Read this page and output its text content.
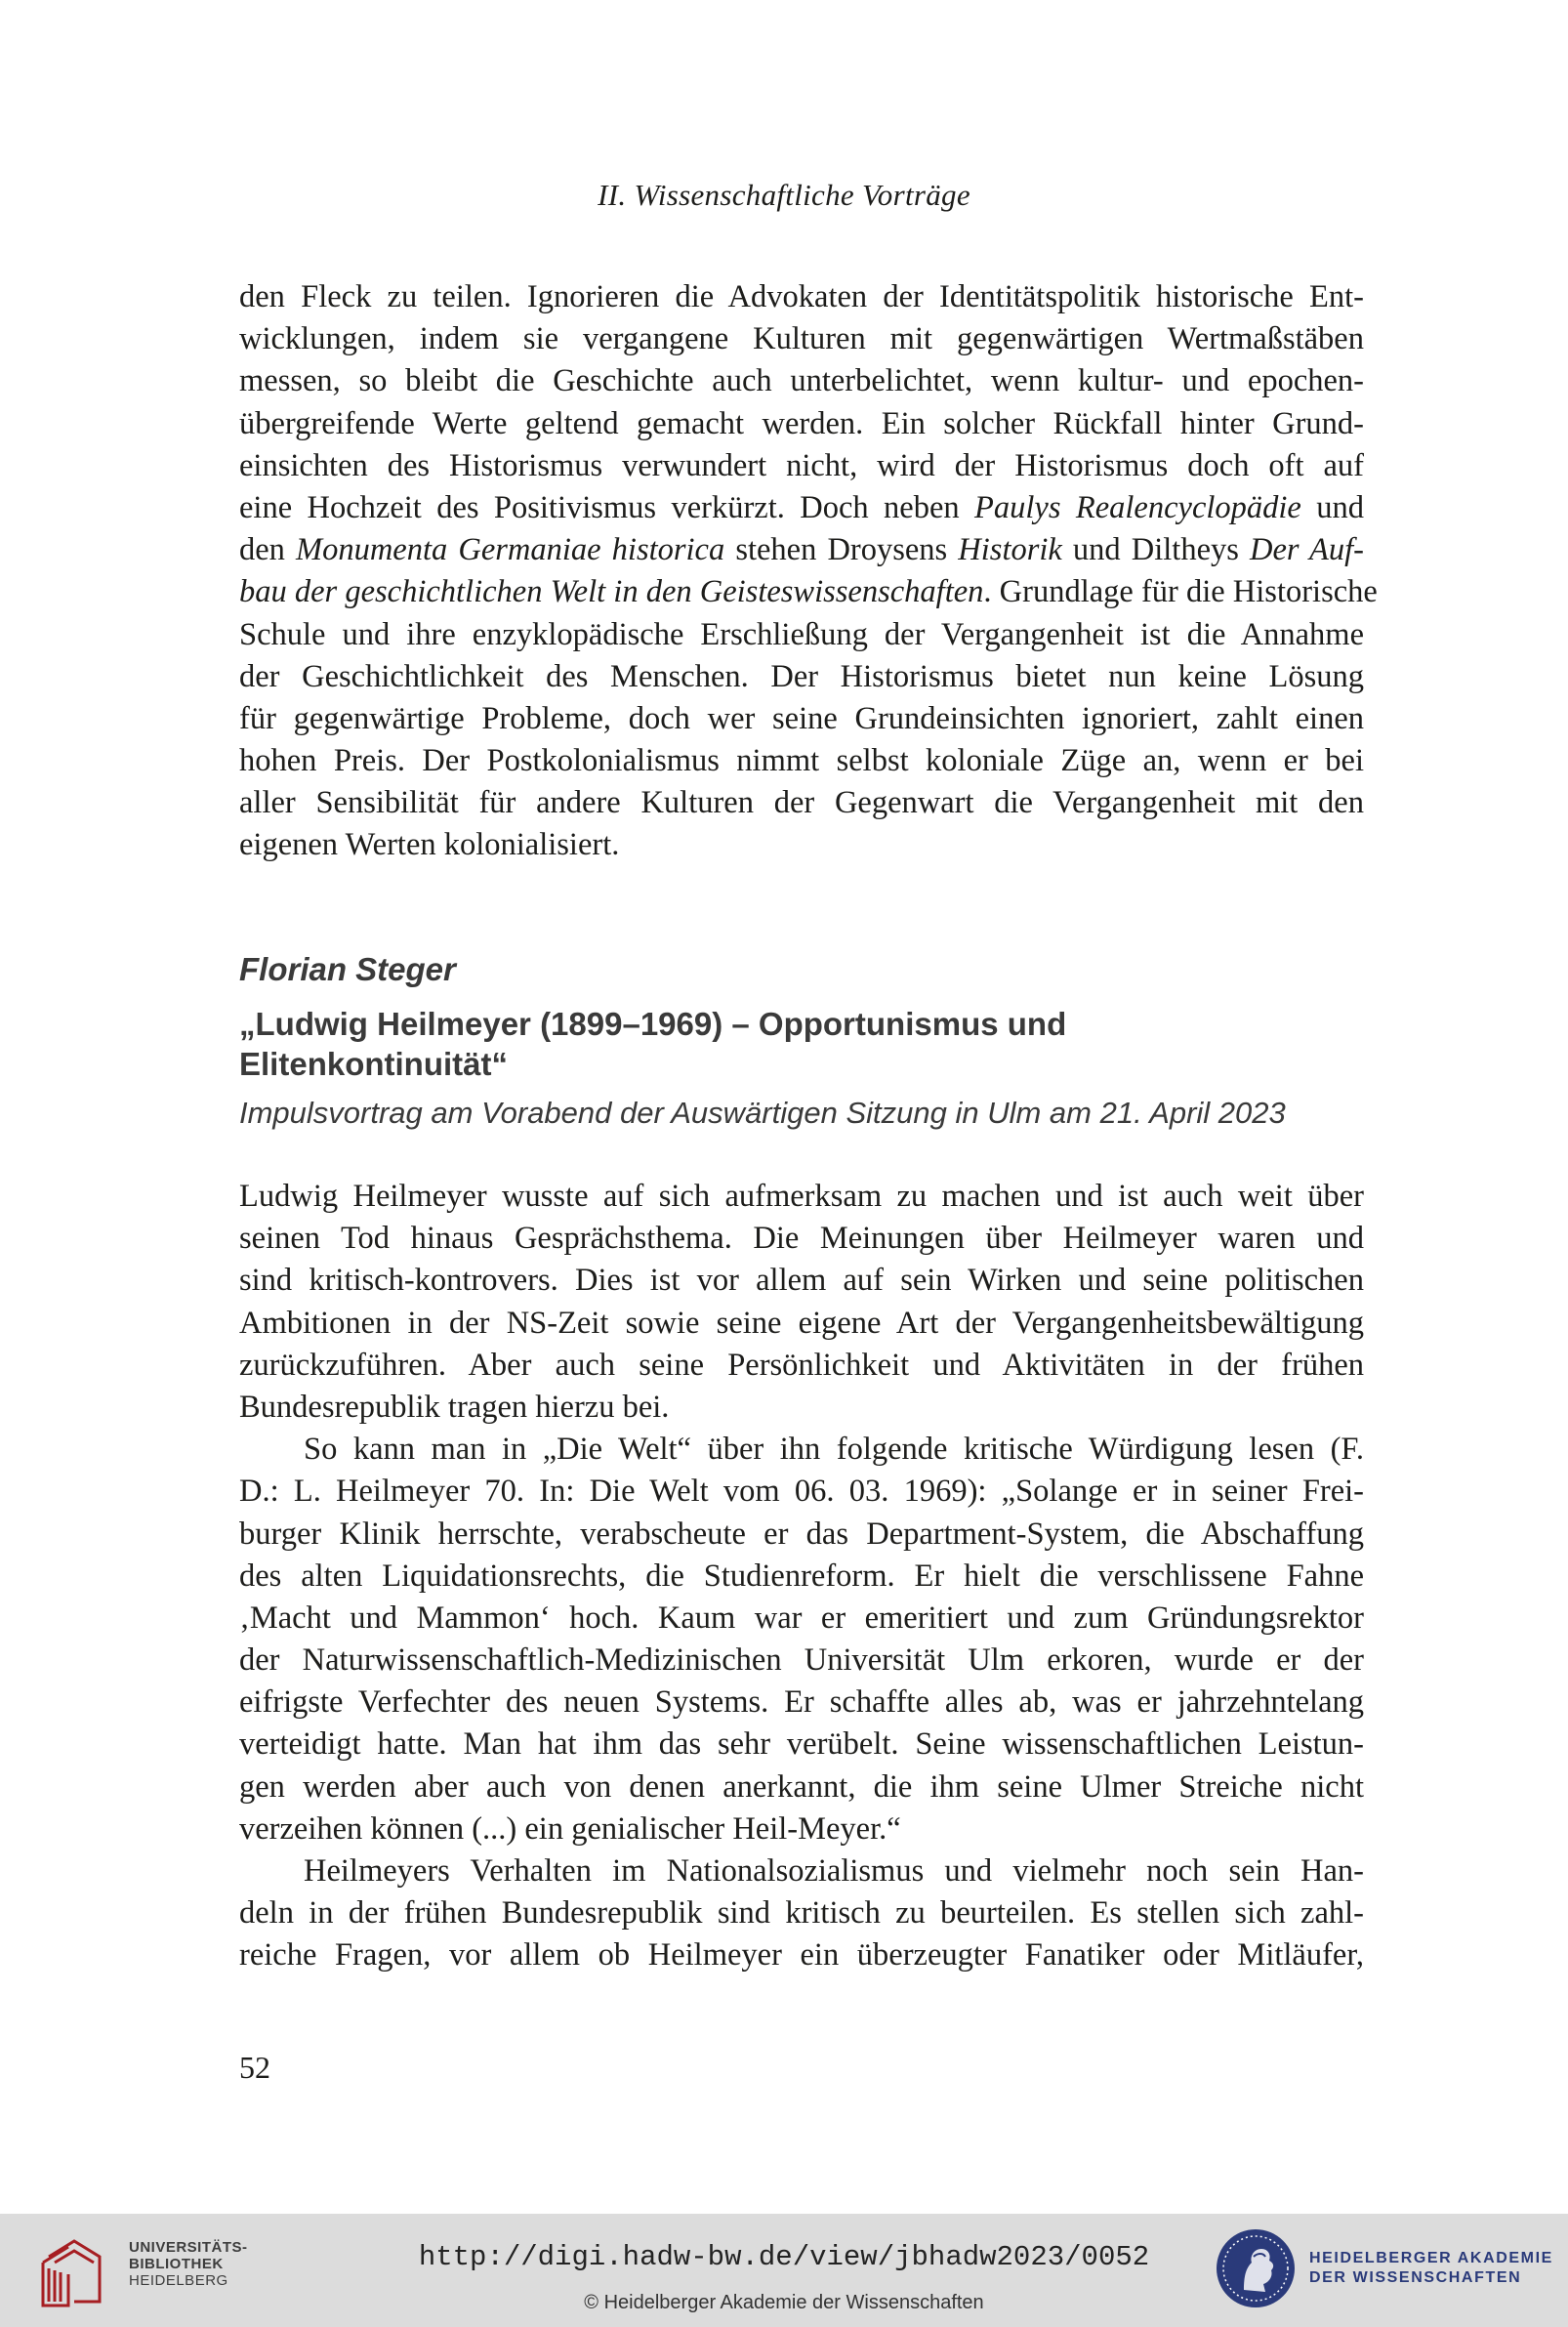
II. Wissenschaftliche Vorträge
den Fleck zu teilen. Ignorieren die Advokaten der Identitätspolitik historische Ent-
wicklungen, indem sie vergangene Kulturen mit gegenwärtigen Wertmaßstäben
messen, so bleibt die Geschichte auch unterbelichtet, wenn kultur- und epochen-
übergreifende Werte geltend gemacht werden. Ein solcher Rückfall hinter Grund-
einsichten des Historismus verwundert nicht, wird der Historismus doch oft auf
eine Hochzeit des Positivismus verkürzt. Doch neben Paulys Realencyclopädie und
den Monumenta Germaniae historica stehen Droysens Historik und Diltheys Der Auf-
bau der geschichtlichen Welt in den Geisteswissenschaften. Grundlage für die Historische
Schule und ihre enzyklopädische Erschließung der Vergangenheit ist die Annahme
der Geschichtlichkeit des Menschen. Der Historismus bietet nun keine Lösung
für gegenwärtige Probleme, doch wer seine Grundeinsichten ignoriert, zahlt einen
hohen Preis. Der Postkolonialismus nimmt selbst koloniale Züge an, wenn er bei
aller Sensibilität für andere Kulturen der Gegenwart die Vergangenheit mit den
eigenen Werten kolonialisiert.
Florian Steger
„Ludwig Heilmeyer (1899–1969) – Opportunismus und
Elitenkontinuität“
Impulsvortrag am Vorabend der Auswärtigen Sitzung in Ulm am 21. April 2023
Ludwig Heilmeyer wusste auf sich aufmerksam zu machen und ist auch weit über
seinen Tod hinaus Gesprächsthema. Die Meinungen über Heilmeyer waren und
sind kritisch-kontrovers. Dies ist vor allem auf sein Wirken und seine politischen
Ambitionen in der NS-Zeit sowie seine eigene Art der Vergangenheitsbewältigung
zurückzuführen. Aber auch seine Persönlichkeit und Aktivitäten in der frühen
Bundesrepublik tragen hierzu bei.
So kann man in „Die Welt“ über ihn folgende kritische Würdigung lesen (F.
D.: L. Heilmeyer 70. In: Die Welt vom 06. 03. 1969): „Solange er in seiner Frei-
burger Klinik herrschte, verabscheute er das Department-System, die Abschaffung
des alten Liquidationsrechts, die Studienreform. Er hielt die verschlissene Fahne
‚Macht und Mammon‘ hoch. Kaum war er emeritiert und zum Gründungsrektor
der Naturwissenschaftlich-Medizinischen Universität Ulm erkoren, wurde er der
eifrigste Verfechter des neuen Systems. Er schaffte alles ab, was er jahrzehntelang
verteidigt hatte. Man hat ihm das sehr verübelt. Seine wissenschaftlichen Leistun-
gen werden aber auch von denen anerkannt, die ihm seine Ulmer Streiche nicht
verzeihen können (...) ein genialischer Heil-Meyer.“
Heilmeyers Verhalten im Nationalsozialismus und vielmehr noch sein Han-
deln in der frühen Bundesrepublik sind kritisch zu beurteilen. Es stellen sich zahl-
reiche Fragen, vor allem ob Heilmeyer ein überzeugter Fanatiker oder Mitläufer,
52
UNIVERSITÄTS-
BIBLIOTHEK
HEIDELBERG
http://digi.hadw-bw.de/view/jbhadw2023/0052
© Heidelberger Akademie der Wissenschaften
HEIDELBERGER AKADEMIE
DER WISSENSCHAFTEN
